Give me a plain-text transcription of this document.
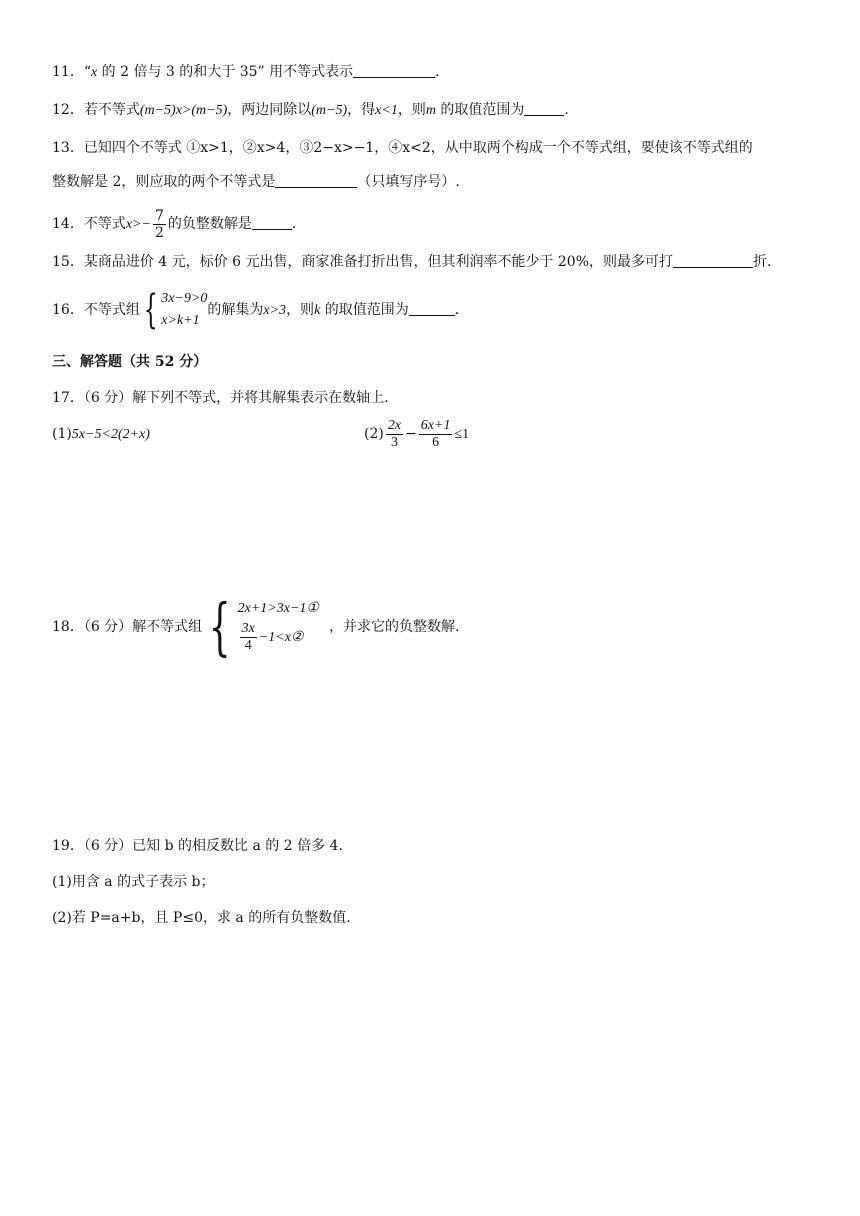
11．“x 的 2 倍与 3 的和大于 35” 用不等式表示	.
12．若不等式(m−5)x>(m−5)，两边同除以(m−5)，得x<1，则m 的取值范围为	.
13．已知四个不等式 ①x>1，②x>4，③2−x>−1，④x<2，从中取两个构成一个不等式组，要使该不等式组的
整数解是 2，则应取的两个不等式是	（只填写序号）.
14．不等式$x>- \frac{7}{2}$ 的负整数解是	．
15．某商品进价 4 元，标价 6 元出售，商家准备打折出售，但其利润率不能少于 20%，则最多可打	折.
16．不等式组{ 3x−9>0
x>k+1
的解集为x>3，则k 的取值范围为	．
三、解答题（共 52 分）
17．（6 分）解下列不等式，并将其解集表示在数轴上.
(1)5x−5<2(2+x)	$(2) \frac{2x}{3} - \frac{6x+1}{6} \le 1$
18．（6 分）解不等式组 { 2x+1>3x−1①
$\frac{3x}{4}$ −1<x②
，并求它的负整数解.
19．（6 分）已知 b 的相反数比 a 的 2 倍多 4.
(1)用含 a 的式子表示 b；
(2)若 P=a+b，且 P≤0，求 a 的所有负整数值.
